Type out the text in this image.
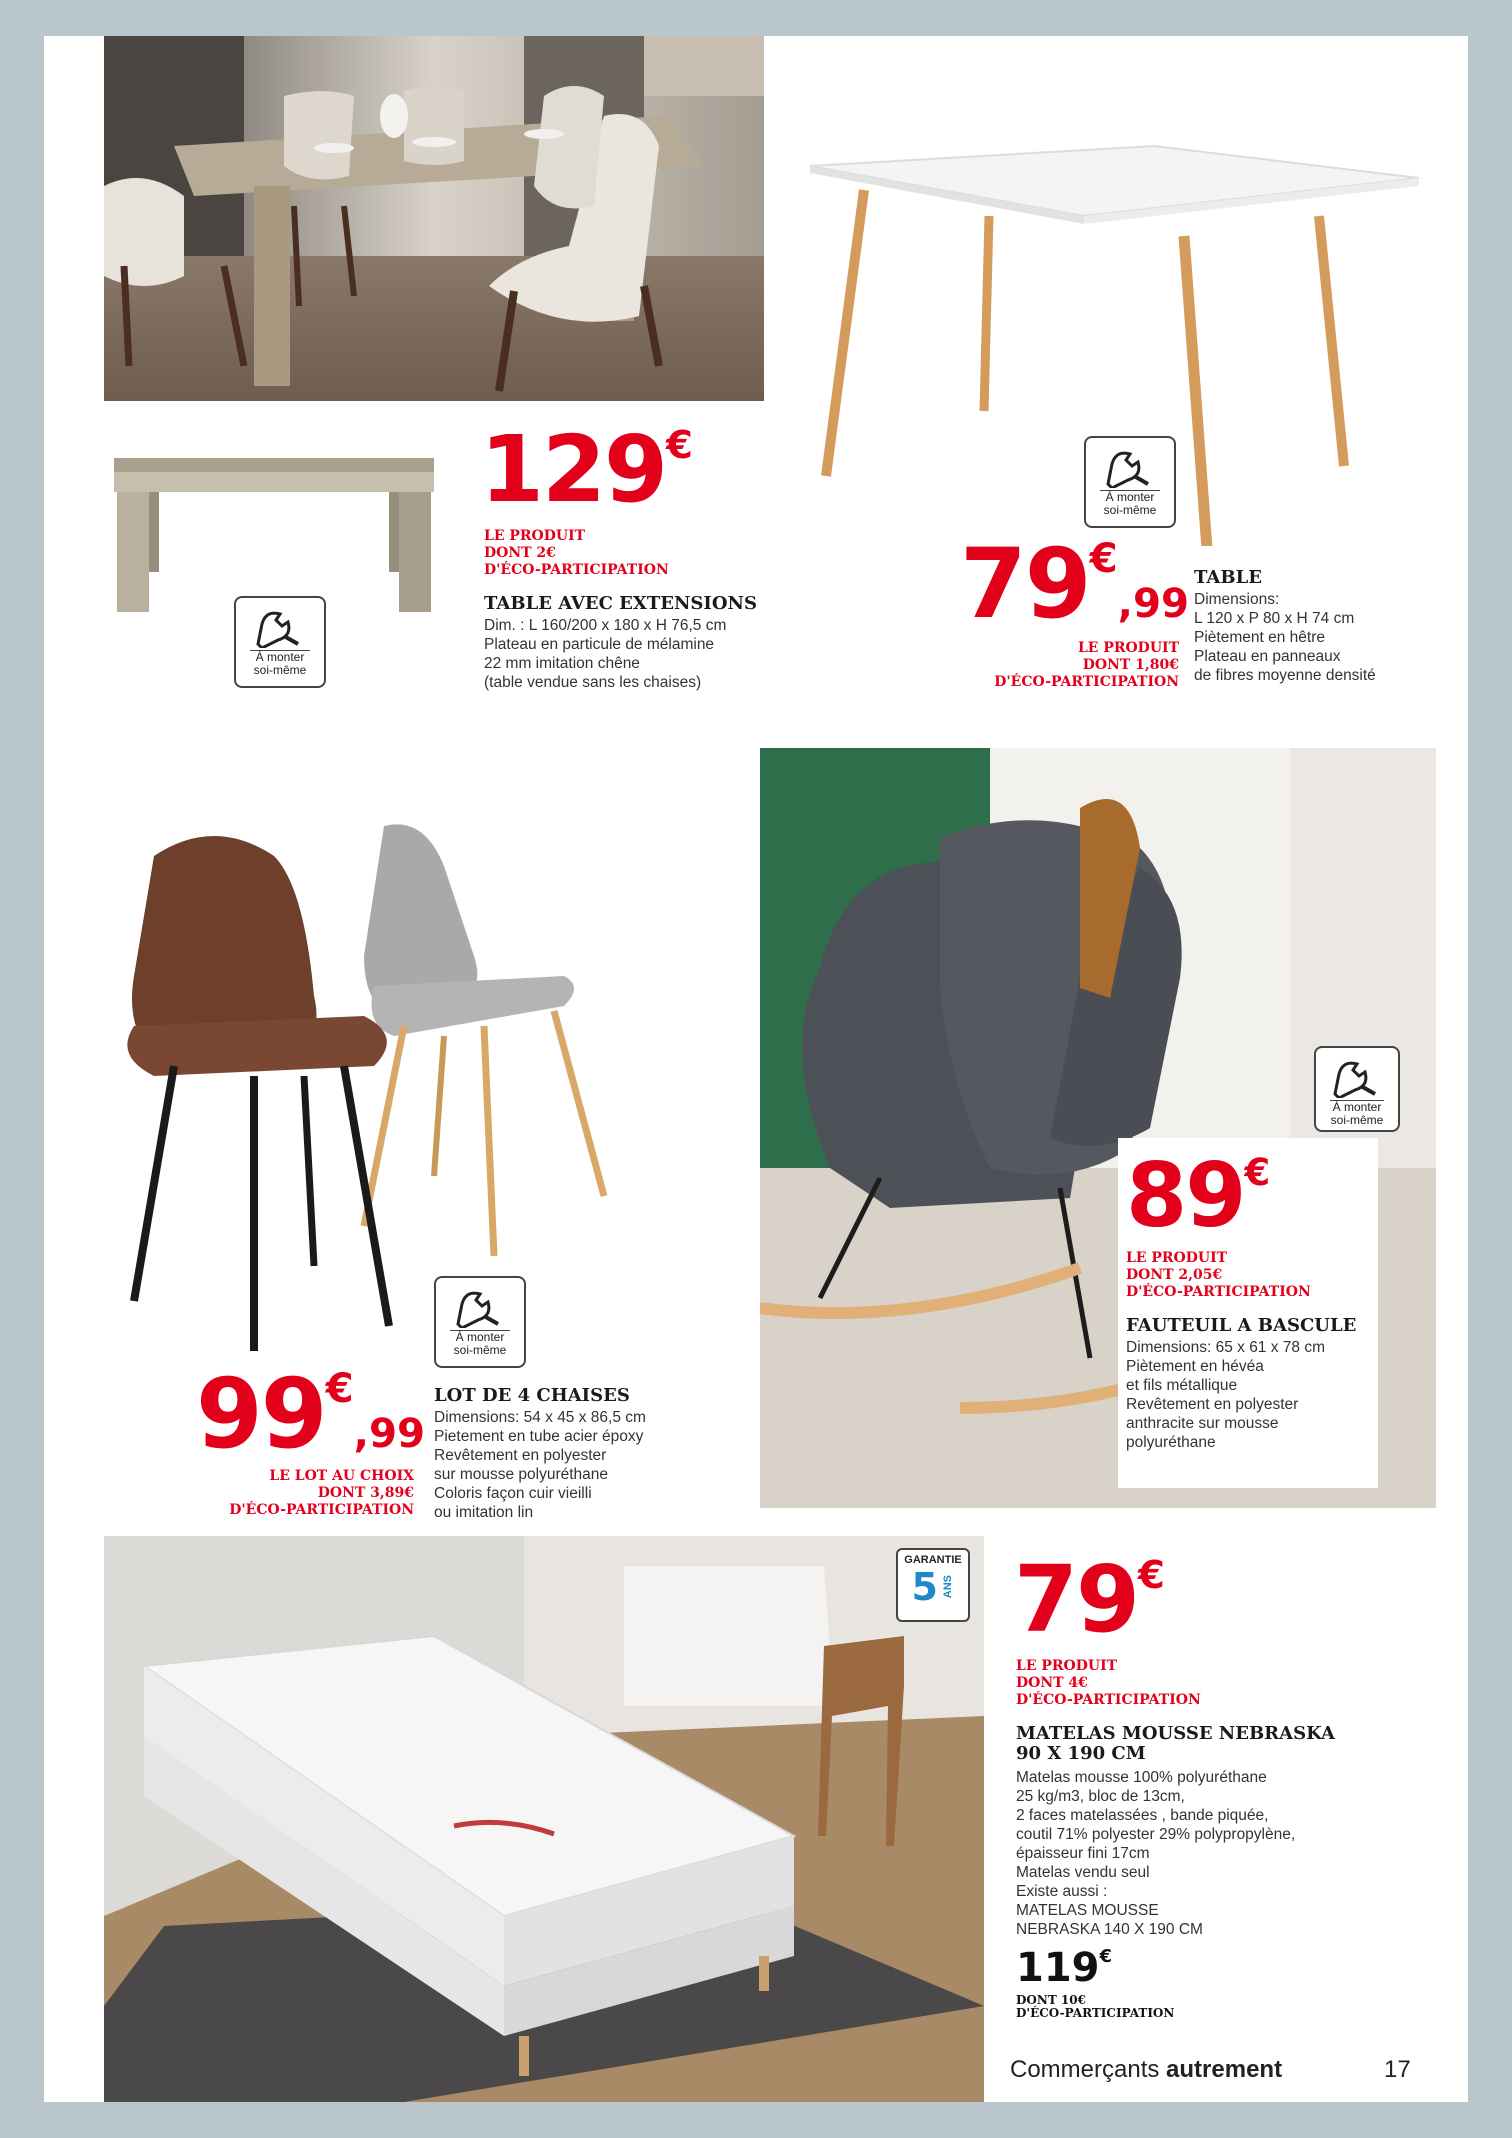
À monter
soi-même
129€
LE PRODUIT
DONT 2€
D'ÉCO-PARTICIPATION
TABLE AVEC EXTENSIONS
Dim. : L 160/200 x 180 x H 76,5 cm
Plateau en particule de mélamine
22 mm imitation chêne
(table vendue sans les chaises)
À monter
soi-même
79€,99
LE PRODUIT
DONT 1,80€
D'ÉCO-PARTICIPATION
TABLE
Dimensions:
L 120 x P 80 x H 74 cm
Piètement en hêtre
Plateau en panneaux
de fibres moyenne densité
À monter
soi-même
99€,99
LE LOT AU CHOIX
DONT 3,89€
D'ÉCO-PARTICIPATION
LOT DE 4 CHAISES
Dimensions: 54 x 45 x 86,5 cm
Pietement en tube acier époxy
Revêtement en polyester
sur mousse polyuréthane
Coloris façon cuir vieilli
ou imitation lin
À monter
soi-même
89€
LE PRODUIT
DONT 2,05€
D'ÉCO-PARTICIPATION
FAUTEUIL A BASCULE
Dimensions: 65 x 61 x 78 cm
Piètement en hévéa
et fils métallique
Revêtement en polyester
anthracite sur mousse
polyuréthane
GARANTIE
5 ANS 79€
LE PRODUIT
DONT 4€
D'ÉCO-PARTICIPATION
MATELAS MOUSSE NEBRASKA
90 X 190 CM
Matelas mousse 100% polyuréthane
25 kg/m3, bloc de 13cm,
2 faces matelassées , bande piquée,
coutil 71% polyester 29% polypropylène,
épaisseur fini 17cm
Matelas vendu seul
Existe aussi :
MATELAS MOUSSE
NEBRASKA 140 X 190 CM
119€
DONT 10€
D'ÉCO-PARTICIPATION
Commerçants autrement	17
